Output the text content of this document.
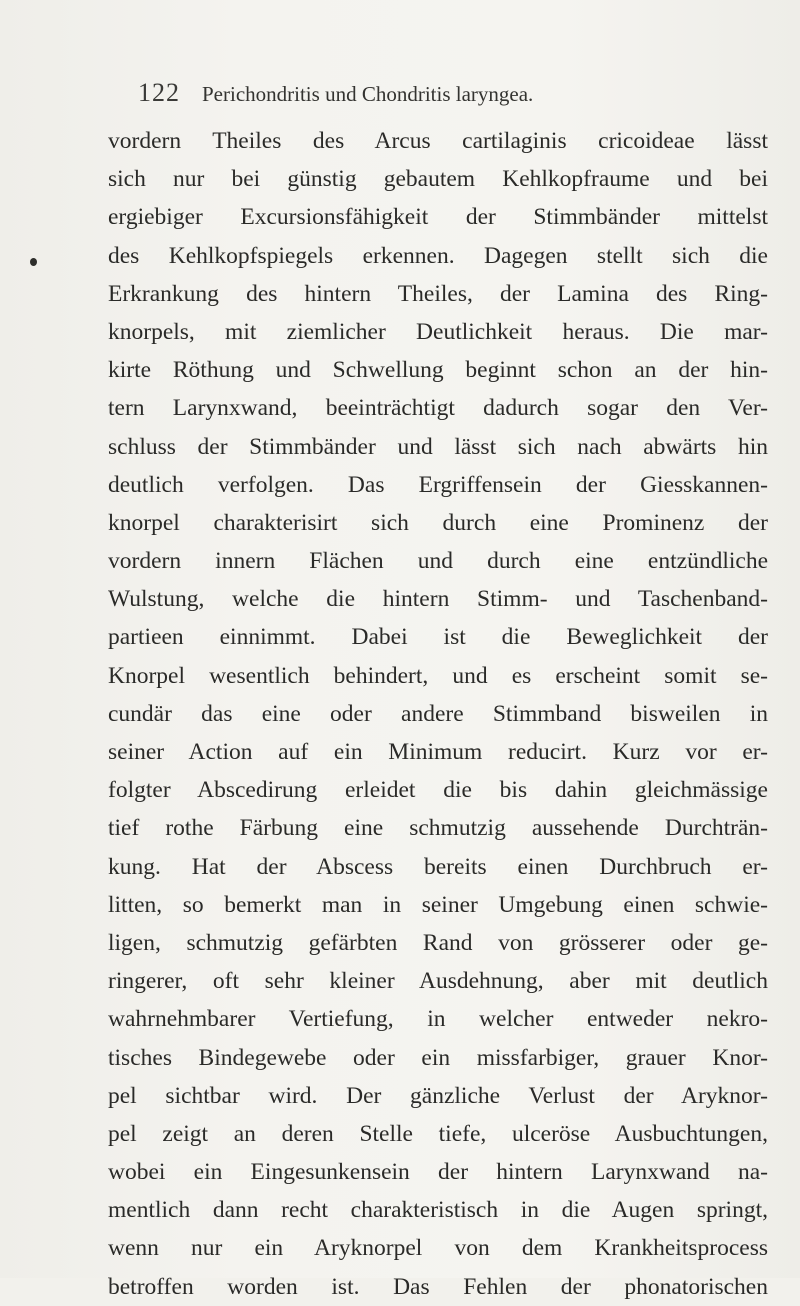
122 Perichondritis und Chondritis laryngea.
vordern Theiles des Arcus cartilaginis cricoideae lässt
sich nur bei günstig gebautem Kehlkopfraume und bei
ergiebiger Excursionsfähigkeit der Stimmbänder mittelst
des Kehlkopfspiegels erkennen. Dagegen stellt sich die
Erkrankung des hintern Theiles, der Lamina des Ring-
knorpels, mit ziemlicher Deutlichkeit heraus. Die mar-
kirte Röthung und Schwellung beginnt schon an der hin-
tern Larynxwand, beeinträchtigt dadurch sogar den Ver-
schluss der Stimmbänder und lässt sich nach abwärts hin
deutlich verfolgen. Das Ergriffensein der Giesskannen-
knorpel charakterisirt sich durch eine Prominenz der
vordern innern Flächen und durch eine entzündliche
Wulstung, welche die hintern Stimm- und Taschenband-
partieen einnimmt. Dabei ist die Beweglichkeit der
Knorpel wesentlich behindert, und es erscheint somit se-
cundär das eine oder andere Stimmband bisweilen in
seiner Action auf ein Minimum reducirt. Kurz vor er-
folgter Abscedirung erleidet die bis dahin gleichmässige
tief rothe Färbung eine schmutzig aussehende Durchträn-
kung. Hat der Abscess bereits einen Durchbruch er-
litten, so bemerkt man in seiner Umgebung einen schwie-
ligen, schmutzig gefärbten Rand von grösserer oder ge-
ringerer, oft sehr kleiner Ausdehnung, aber mit deutlich
wahrnehmbarer Vertiefung, in welcher entweder nekro-
tisches Bindegewebe oder ein missfarbiger, grauer Knor-
pel sichtbar wird. Der gänzliche Verlust der Aryknor-
pel zeigt an deren Stelle tiefe, ulceröse Ausbuchtungen,
wobei ein Eingesunkensein der hintern Larynxwand na-
mentlich dann recht charakteristisch in die Augen springt,
wenn nur ein Aryknorpel von dem Krankheitsprocess
betroffen worden ist. Das Fehlen der phonatorischen
